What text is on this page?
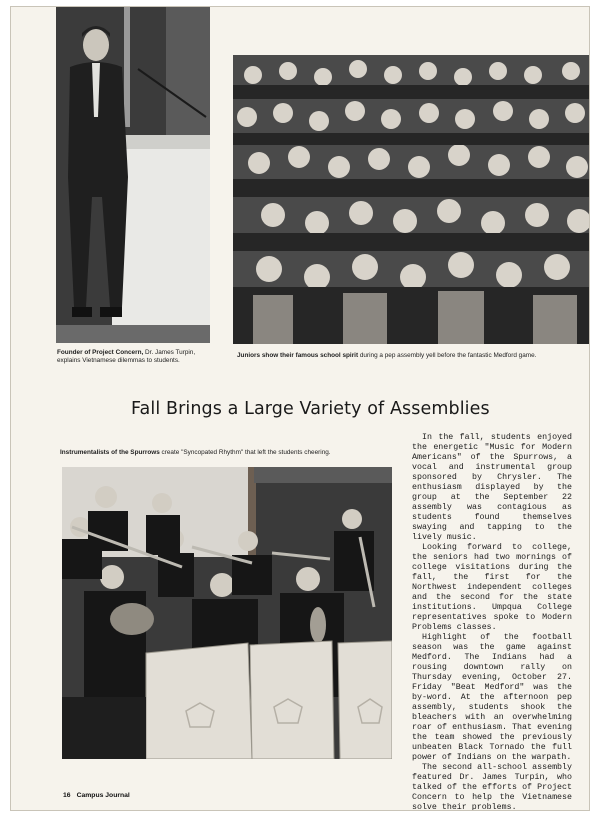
Founder of Project Concern, Dr. James Turpin, explains Vietnamese dilemmas to students.
Juniors show their famous school spirit during a pep assembly yell before the fantastic Medford game.
Fall Brings a Large Variety of Assemblies
Instrumentalists of the Spurrows create "Syncopated Rhythm" that left the students cheering.

In the fall, students enjoyed the energetic "Music for Modern Americans" of the Spurrows, a vocal and instrumental group sponsored by Chrysler. The enthusiasm displayed by the group at the September 22 assembly was contagious as students found themselves swaying and tapping to the lively music.

Looking forward to college, the seniors had two mornings of college visitations during the fall, the first for the Northwest independent colleges and the second for the state institutions. Umpqua College representatives spoke to Modern Problems classes.

Highlight of the football season was the game against Medford. The Indians had a rousing downtown rally on Thursday evening, October 27. Friday "Beat Medford" was the by-word. At the afternoon pep assembly, students shook the bleachers with an overwhelming roar of enthusiasm. That evening the team showed the previously unbeaten Black Tornado the full power of Indians on the warpath.

The second all-school assembly featured Dr. James Turpin, who talked of the efforts of Project Concern to help the Vietnamese solve their problems.

16 Campus Journal
